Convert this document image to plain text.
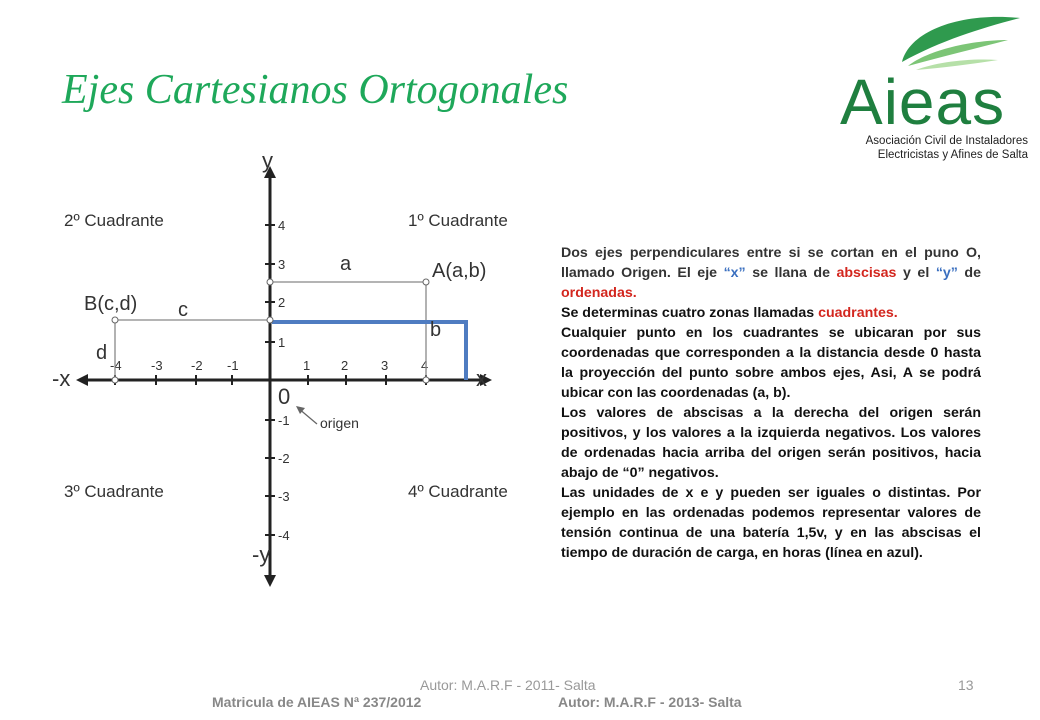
Ejes Cartesianos Ortogonales	Aieas
Asociación Civil de Instaladores
Electricistas y Afines de Salta
-4 -3 -2 -1	1 2	3	4
1
2
3
4
-1
-2
-3
-4
y
-y
x
-x
0
origen
1º Cuadrante
2º Cuadrante
3º Cuadrante	4º Cuadrante
A(a,b)
B(c,d)
a
b
c
d

Dos ejes perpendiculares entre si se cortan en el puno O, llamado Origen. El eje “x” se llana de abscisas y el “y” de ordenadas.

Se determinas cuatro zonas llamadas cuadrantes.

Cualquier punto en los cuadrantes se ubicaran por sus coordenadas que corresponden a la distancia desde 0 hasta la proyección del punto sobre ambos ejes, Asi, A se podrá ubicar con las coordenadas (a, b).

Los valores de abscisas a la derecha del origen serán positivos, y los valores a la izquierda negativos. Los valores de ordenadas hacia arriba del origen serán positivos, hacia abajo de “0” negativos.

Las unidades de x e y pueden ser iguales o distintas. Por ejemplo en las ordenadas podemos representar valores de tensión continua de una batería 1,5v, y en las abscisas el tiempo de duración de carga, en horas (línea en azul).

Autor: M.A.R.F - 2011- Salta	13
Matricula de AIEAS Nª 237/2012	Autor: M.A.R.F - 2013- Salta
